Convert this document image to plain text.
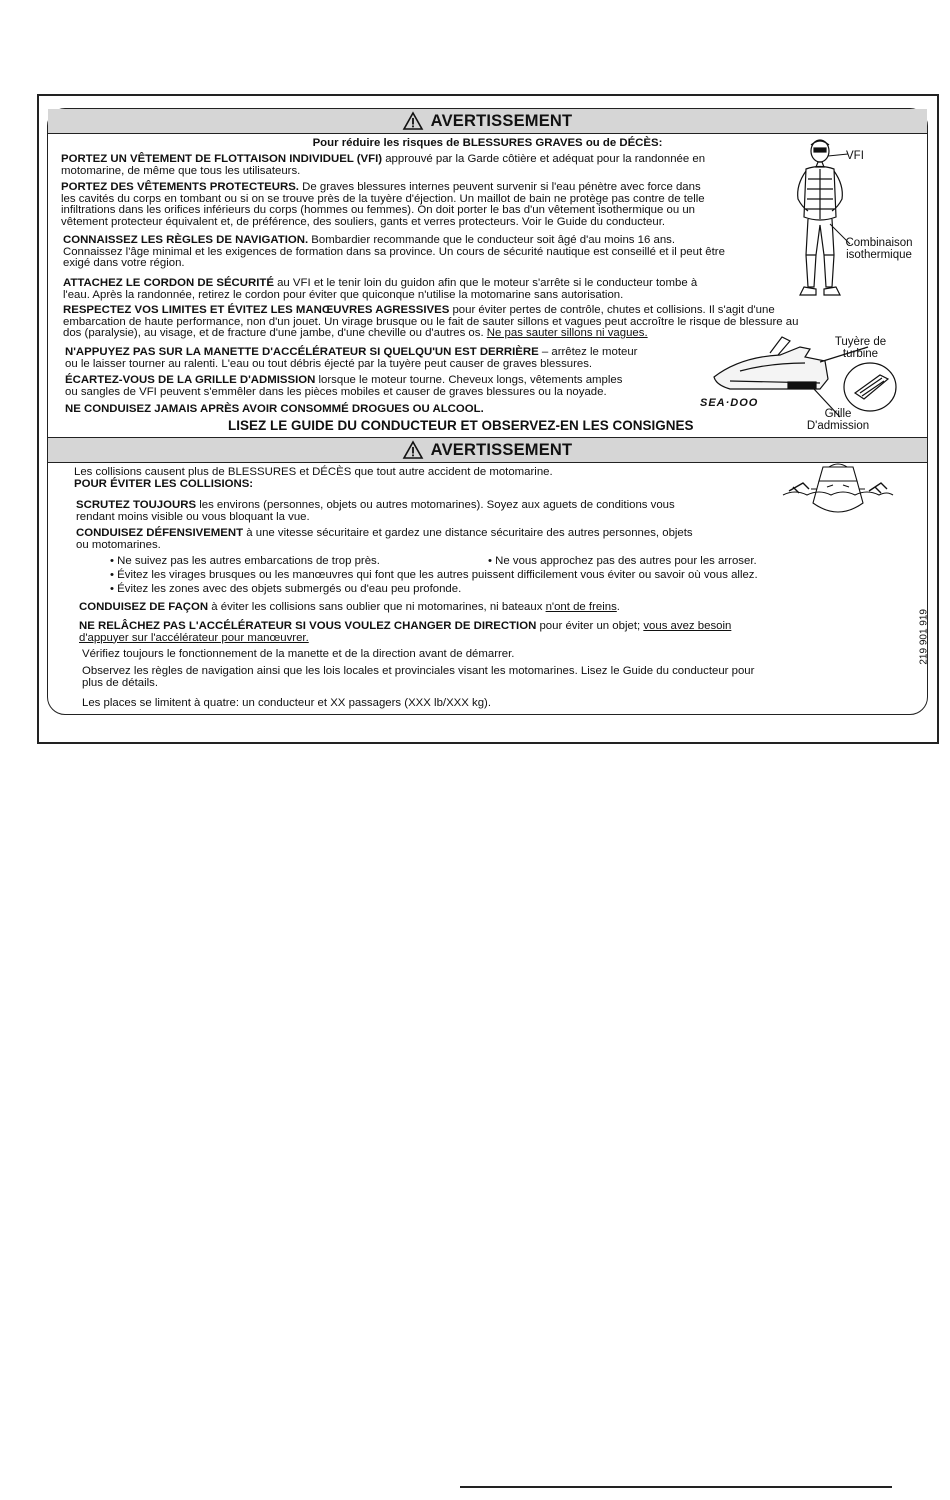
AVERTISSEMENT
Pour réduire les risques de BLESSURES GRAVES ou de DÉCÈS:
PORTEZ UN VÊTEMENT DE FLOTTAISON INDIVIDUEL (VFI) approuvé par la Garde côtière et adéquat pour la randonnée en
motomarine, de même que tous les utilisateurs.
PORTEZ DES VÊTEMENTS PROTECTEURS. De graves blessures internes peuvent survenir si l'eau pénètre avec force dans
les cavités du corps en tombant ou si on se trouve près de la tuyère d'éjection. Un maillot de bain ne protège pas contre de telle
infiltrations dans les orifices inférieurs du corps (hommes ou femmes). On doit porter le bas d'un vêtement isothermique ou un
vêtement protecteur équivalent et, de préférence, des souliers, gants et verres protecteurs. Voir le Guide du conducteur.
CONNAISSEZ LES RÈGLES DE NAVIGATION. Bombardier recommande que le conducteur soit âgé d'au moins 16 ans.
Connaissez l'âge minimal et les exigences de formation dans sa province. Un cours de sécurité nautique est conseillé et il peut être
exigé dans votre région.
ATTACHEZ LE CORDON DE SÉCURITÉ au VFI et le tenir loin du guidon afin que le moteur s'arrête si le conducteur tombe à
l'eau. Après la randonnée, retirez le cordon pour éviter que quiconque n'utilise la motomarine sans autorisation.
RESPECTEZ VOS LIMITES ET ÉVITEZ LES MANŒUVRES AGRESSIVES pour éviter pertes de contrôle, chutes et collisions. Il s'agit d'une
embarcation de haute performance, non d'un jouet. Un virage brusque ou le fait de sauter sillons et vagues peut accroître le risque de blessure au
dos (paralysie), au visage, et de fracture d'une jambe, d'une cheville ou d'autres os. Ne pas sauter sillons ni vagues.
N'APPUYEZ PAS SUR LA MANETTE D'ACCÉLÉRATEUR SI QUELQU'UN EST DERRIÈRE – arrêtez le moteur
ou le laisser tourner au ralenti. L'eau ou tout débris éjecté par la tuyère peut causer de graves blessures.
ÉCARTEZ-VOUS DE LA GRILLE D'ADMISSION lorsque le moteur tourne. Cheveux longs, vêtements amples
ou sangles de VFI peuvent s'emmêler dans les pièces mobiles et causer de graves blessures ou la noyade.
NE CONDUISEZ JAMAIS APRÈS AVOIR CONSOMMÉ DROGUES OU ALCOOL.
LISEZ LE GUIDE DU CONDUCTEUR ET OBSERVEZ-EN LES CONSIGNES
VFI
Combinaison
isothermique
SEA·DOO
Tuyère de
turbine
Grille
D'admission
AVERTISSEMENT
Les collisions causent plus de BLESSURES et DÉCÈS que tout autre accident de motomarine.
POUR ÉVITER LES COLLISIONS:
SCRUTEZ TOUJOURS les environs (personnes, objets ou autres motomarines). Soyez aux aguets de conditions vous
rendant moins visible ou vous bloquant la vue.
CONDUISEZ DÉFENSIVEMENT à une vitesse sécuritaire et gardez une distance sécuritaire des autres personnes, objets
ou motomarines.
• Ne suivez pas les autres embarcations de trop près.	• Ne vous approchez pas des autres pour les arroser.
• Évitez les virages brusques ou les manœuvres qui font que les autres puissent difficilement vous éviter ou savoir où vous allez.
• Évitez les zones avec des objets submergés ou d'eau peu profonde.
CONDUISEZ DE FAÇON à éviter les collisions sans oublier que ni motomarines, ni bateaux n'ont de freins.
NE RELÂCHEZ PAS L'ACCÉLÉRATEUR SI VOUS VOULEZ CHANGER DE DIRECTION pour éviter un objet; vous avez besoin
d'appuyer sur l'accélérateur pour manœuvrer.
Vérifiez toujours le fonctionnement de la manette et de la direction avant de démarrer.
Observez les règles de navigation ainsi que les lois locales et provinciales visant les motomarines. Lisez le Guide du conducteur pour
plus de détails.
Les places se limitent à quatre: un conducteur et XX passagers (XXX lb/XXX kg).
219 901 919
